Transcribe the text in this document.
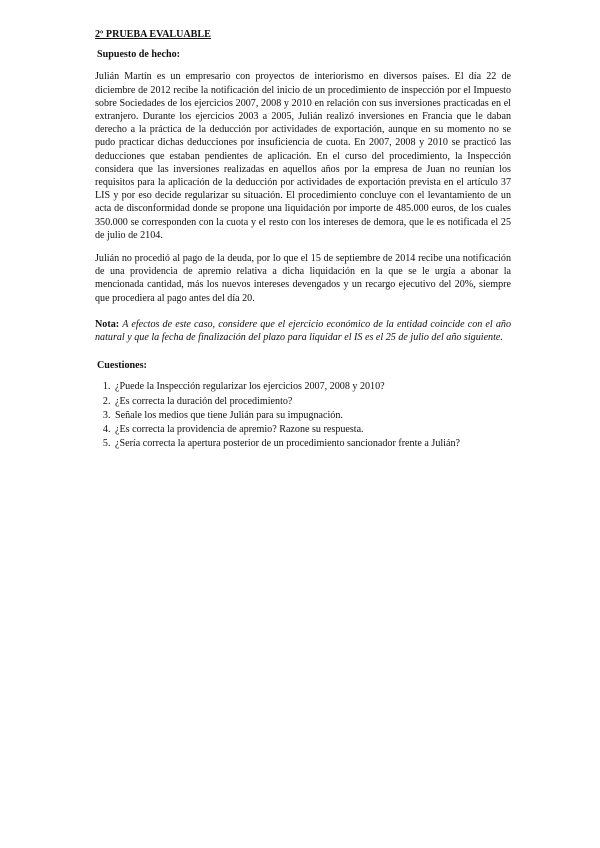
2º PRUEBA EVALUABLE
Supuesto de hecho:

Julián Martín es un empresario con proyectos de interiorismo en diversos países. El día 22 de diciembre de 2012 recibe la notificación del inicio de un procedimiento de inspección por el Impuesto sobre Sociedades de los ejercicios 2007, 2008 y 2010 en relación con sus inversiones practicadas en el extranjero. Durante los ejercicios 2003 a 2005, Julián realizó inversiones en Francia que le daban derecho a la práctica de la deducción por actividades de exportación, aunque en su momento no se pudo practicar dichas deducciones por insuficiencia de cuota. En 2007, 2008 y 2010 se practicó las deducciones que estaban pendientes de aplicación. En el curso del procedimiento, la Inspección considera que las inversiones realizadas en aquellos años por la empresa de Juan no reunían los requisitos para la aplicación de la deducción por actividades de exportación prevista en el artículo 37 LIS y por eso decide regularizar su situación. El procedimiento concluye con el levantamiento de un acta de disconformidad donde se propone una liquidación por importe de 485.000 euros, de los cuales 350.000 se corresponden con la cuota y el resto con los intereses de demora, que le es notificada el 25 de julio de 2104.

Julián no procedió al pago de la deuda, por lo que el 15 de septiembre de 2014 recibe una notificación de una providencia de apremio relativa a dicha liquidación en la que se le urgía a abonar la mencionada cantidad, más los nuevos intereses devengados y un recargo ejecutivo del 20%, siempre que procediera al pago antes del día 20.

Nota: A efectos de este caso, considere que el ejercicio económico de la entidad coincide con el año natural y que la fecha de finalización del plazo para liquidar el IS es el 25 de julio del año siguiente.

Cuestiones:
1. ¿Puede la Inspección regularizar los ejercicios 2007, 2008 y 2010?
2. ¿Es correcta la duración del procedimiento?
3. Señale los medios que tiene Julián para su impugnación.
4. ¿Es correcta la providencia de apremio? Razone su respuesta.
5. ¿Sería correcta la apertura posterior de un procedimiento sancionador frente a Julián?
